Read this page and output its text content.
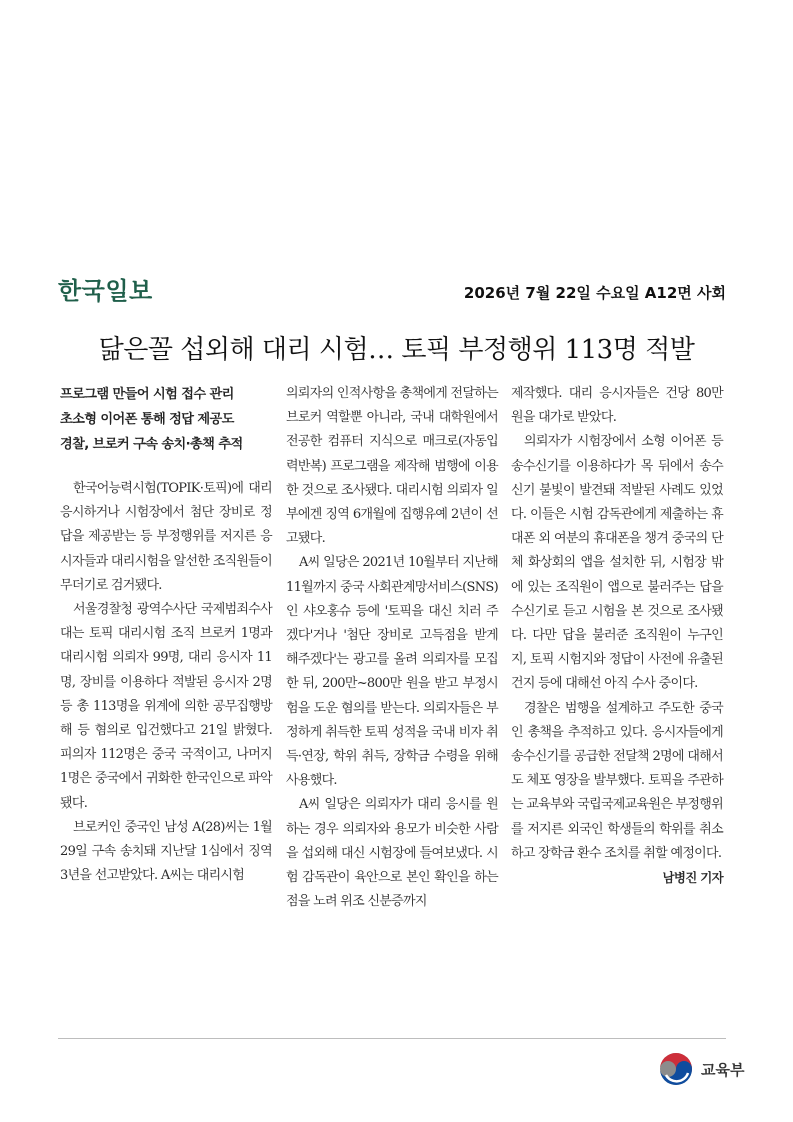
한국일보	2026년 7월 22일 수요일 A12면 사회
닮은꼴 섭외해 대리 시험… 토픽 부정행위 113명 적발
프로그램 만들어 시험 접수 관리
초소형 이어폰 통해 정답 제공도
경찰, 브로커 구속 송치·총책 추적

한국어능력시험(TOPIK·토픽)에 대리 응시하거나 시험장에서 첨단 장비로 정답을 제공받는 등 부정행위를 저지른 응시자들과 대리시험을 알선한 조직원들이 무더기로 검거됐다.

서울경찰청 광역수사단 국제범죄수사대는 토픽 대리시험 조직 브로커 1명과 대리시험 의뢰자 99명, 대리 응시자 11명, 장비를 이용하다 적발된 응시자 2명 등 총 113명을 위계에 의한 공무집행방해 등 혐의로 입건했다고 21일 밝혔다. 피의자 112명은 중국 국적이고, 나머지 1명은 중국에서 귀화한 한국인으로 파악됐다.

브로커인 중국인 남성 A(28)씨는 1월 29일 구속 송치돼 지난달 1심에서 징역 3년을 선고받았다. A씨는 대리시험

의뢰자의 인적사항을 총책에게 전달하는 브로커 역할뿐 아니라, 국내 대학원에서 전공한 컴퓨터 지식으로 매크로(자동입력반복) 프로그램을 제작해 범행에 이용한 것으로 조사됐다. 대리시험 의뢰자 일부에겐 징역 6개월에 집행유예 2년이 선고됐다.

A씨 일당은 2021년 10월부터 지난해 11월까지 중국 사회관계망서비스(SNS)인 샤오홍슈 등에 '토픽을 대신 치러 주겠다'거나 '첨단 장비로 고득점을 받게 해주겠다'는 광고를 올려 의뢰자를 모집한 뒤, 200만~800만 원을 받고 부정시험을 도운 혐의를 받는다. 의뢰자들은 부정하게 취득한 토픽 성적을 국내 비자 취득·연장, 학위 취득, 장학금 수령을 위해 사용했다.

A씨 일당은 의뢰자가 대리 응시를 원하는 경우 의뢰자와 용모가 비슷한 사람을 섭외해 대신 시험장에 들여보냈다. 시험 감독관이 육안으로 본인 확인을 하는 점을 노려 위조 신분증까지

제작했다. 대리 응시자들은 건당 80만 원을 대가로 받았다.

의뢰자가 시험장에서 소형 이어폰 등 송수신기를 이용하다가 목 뒤에서 송수신기 불빛이 발견돼 적발된 사례도 있었다. 이들은 시험 감독관에게 제출하는 휴대폰 외 여분의 휴대폰을 챙겨 중국의 단체 화상회의 앱을 설치한 뒤, 시험장 밖에 있는 조직원이 앱으로 불러주는 답을 수신기로 듣고 시험을 본 것으로 조사됐다. 다만 답을 불러준 조직원이 누구인지, 토픽 시험지와 정답이 사전에 유출된 건지 등에 대해선 아직 수사 중이다.

경찰은 범행을 설계하고 주도한 중국인 총책을 추적하고 있다. 응시자들에게 송수신기를 공급한 전달책 2명에 대해서도 체포 영장을 발부했다. 토픽을 주관하는 교육부와 국립국제교육원은 부정행위를 저지른 외국인 학생들의 학위를 취소하고 장학금 환수 조치를 취할 예정이다.
남병진 기자

교육부
